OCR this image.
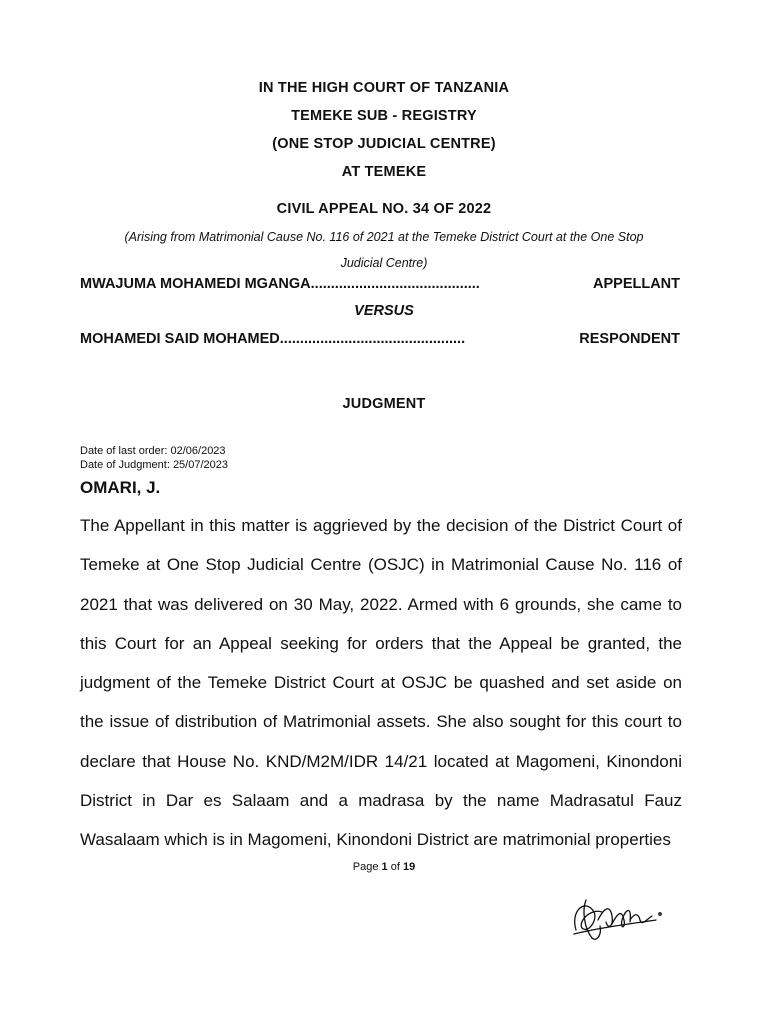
IN THE HIGH COURT OF TANZANIA
TEMEKE SUB - REGISTRY
(ONE STOP JUDICIAL CENTRE)
AT TEMEKE
CIVIL APPEAL NO. 34 OF 2022
(Arising from Matrimonial Cause No. 116 of 2021 at the Temeke District Court at the One Stop
Judicial Centre)
MWAJUMA MOHAMEDI MGANGA ..........................................	APPELLANT
VERSUS
MOHAMEDI SAID MOHAMED ..............................................	RESPONDENT
JUDGMENT
Date of last order: 02/06/2023
Date of Judgment: 25/07/2023
OMARI, J.
The Appellant in this matter is aggrieved by the decision of the District Court of Temeke at One Stop Judicial Centre (OSJC) in Matrimonial Cause No. 116 of 2021 that was delivered on 30 May, 2022. Armed with 6 grounds, she came to this Court for an Appeal seeking for orders that the Appeal be granted, the judgment of the Temeke District Court at OSJC be quashed and set aside on the issue of distribution of Matrimonial assets. She also sought for this court to declare that House No. KND/M2M/IDR 14/21 located at Magomeni, Kinondoni District in Dar es Salaam and a madrasa by the name Madrasatul Fauz Wasalaam which is in Magomeni, Kinondoni District are matrimonial properties
Page 1 of 19
